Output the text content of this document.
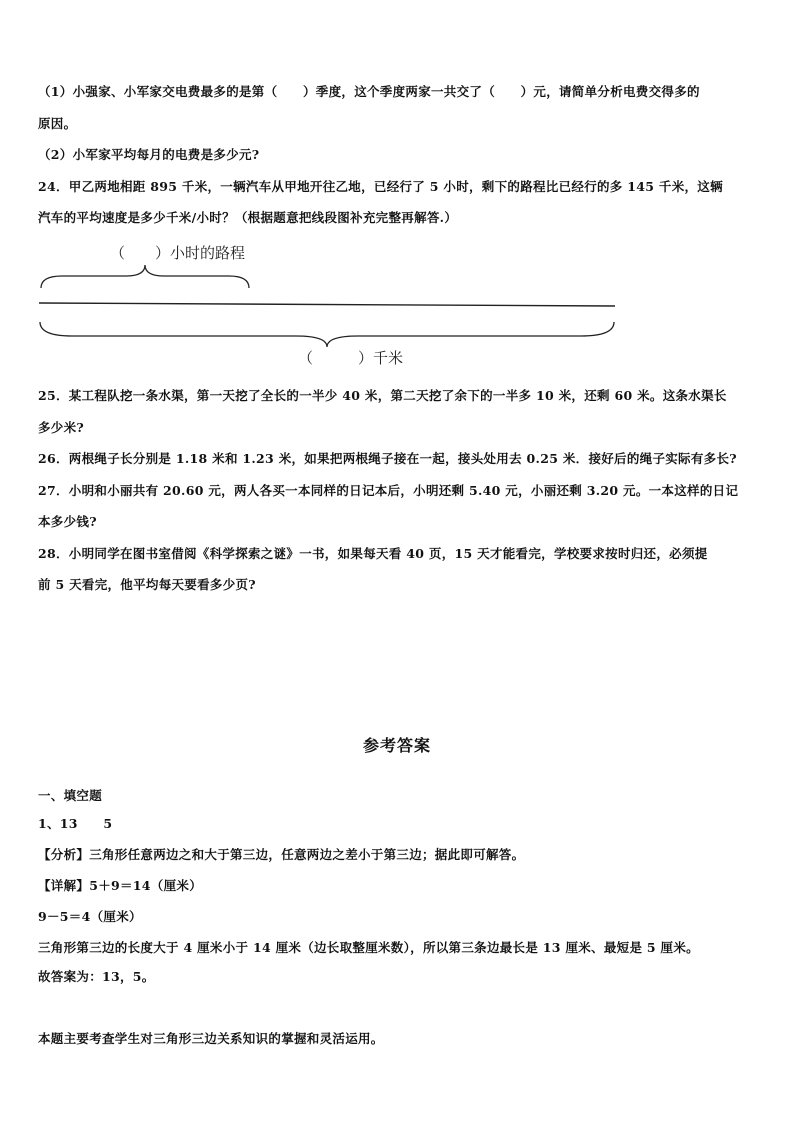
（1）小强家、小军家交电费最多的是第（　　）季度，这个季度两家一共交了（　　）元，请简单分析电费交得多的
原因。
（2）小军家平均每月的电费是多少元?
24．甲乙两地相距 895 千米，一辆汽车从甲地开往乙地，已经行了 5 小时，剩下的路程比已经行的多 145 千米，这辆
汽车的平均速度是多少千米/小时？（根据题意把线段图补充完整再解答.）
（　　）小时的路程
（　　　）千米
25．某工程队挖一条水渠，第一天挖了全长的一半少 40 米，第二天挖了余下的一半多 10 米，还剩 60 米。这条水渠长
多少米?
26．两根绳子长分别是 1.18 米和 1.23 米，如果把两根绳子接在一起，接头处用去 0.25 米．接好后的绳子实际有多长?
27．小明和小丽共有 20.60 元，两人各买一本同样的日记本后，小明还剩 5.40 元，小丽还剩 3.20 元。一本这样的日记
本多少钱?
28．小明同学在图书室借阅《科学探索之谜》一书，如果每天看 40 页，15 天才能看完，学校要求按时归还，必须提
前 5 天看完，他平均每天要看多少页?
参考答案
一、填空题
1、13　　5
【分析】三角形任意两边之和大于第三边，任意两边之差小于第三边；据此即可解答。
【详解】5＋9＝14（厘米）
9－5＝4（厘米）
三角形第三边的长度大于 4 厘米小于 14 厘米（边长取整厘米数），所以第三条边最长是 13 厘米、最短是 5 厘米。
故答案为：13，5。
本题主要考查学生对三角形三边关系知识的掌握和灵活运用。
